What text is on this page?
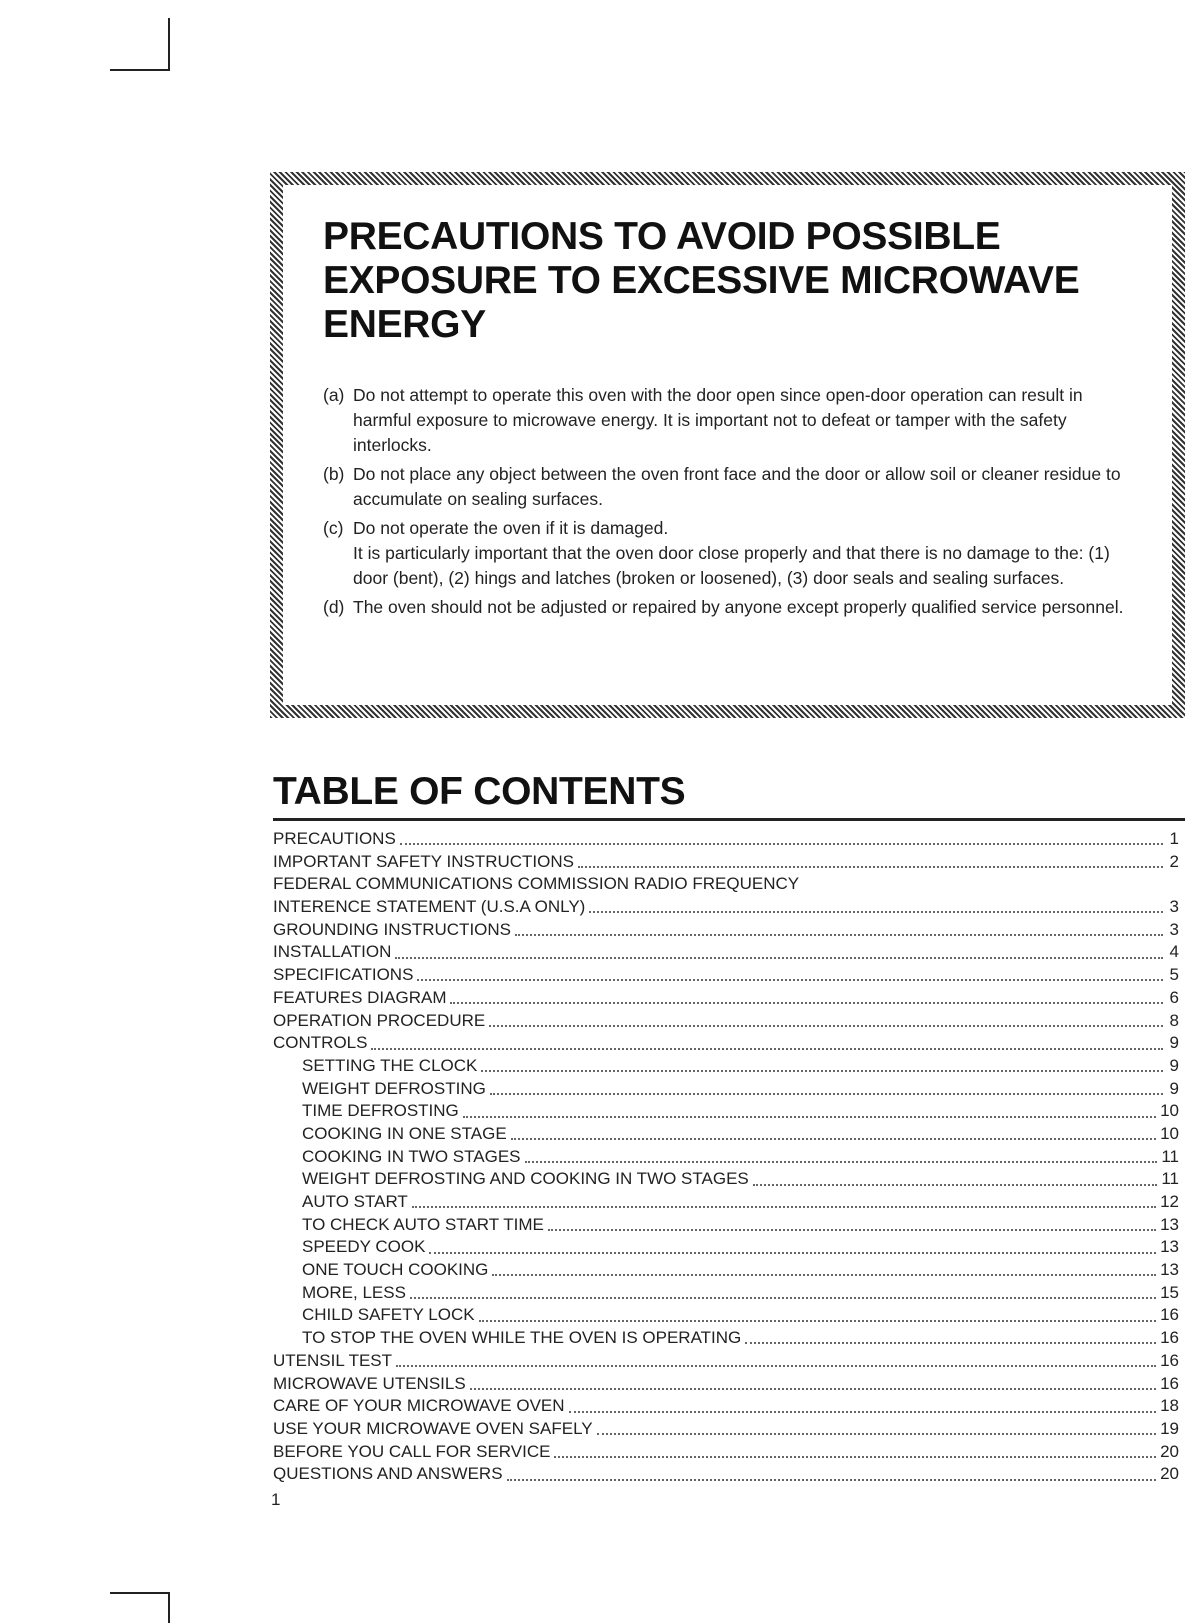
PRECAUTIONS TO AVOID POSSIBLE EXPOSURE TO EXCESSIVE MICROWAVE ENERGY

(a) Do not attempt to operate this oven with the door open since open-door operation can result in harmful exposure to microwave energy. It is important not to defeat or tamper with the safety interlocks.

(b) Do not place any object between the oven front face and the door or allow soil or cleaner residue to accumulate on sealing surfaces.

(c) Do not operate the oven if it is damaged.
It is particularly important that the oven door close properly and that there is no damage to the: (1) door (bent), (2) hings and latches (broken or loosened), (3) door seals and sealing surfaces.

(d) The oven should not be adjusted or repaired by anyone except properly qualified service personnel.

TABLE OF CONTENTS
PRECAUTIONS	1
IMPORTANT SAFETY INSTRUCTIONS	2
FEDERAL COMMUNICATIONS COMMISSION RADIO FREQUENCY
INTERENCE STATEMENT (U.S.A ONLY)	3
GROUNDING INSTRUCTIONS	3
INSTALLATION	4
SPECIFICATIONS	5
FEATURES DIAGRAM	6
OPERATION PROCEDURE	8
CONTROLS	9
SETTING THE CLOCK	9
WEIGHT DEFROSTING	9
TIME DEFROSTING	10
COOKING IN ONE STAGE	10
COOKING IN TWO STAGES	11
WEIGHT DEFROSTING AND COOKING IN TWO STAGES	11
AUTO START	12
TO CHECK AUTO START TIME	13
SPEEDY COOK	13
ONE TOUCH COOKING	13
MORE, LESS	15
CHILD SAFETY LOCK	16
TO STOP THE OVEN WHILE THE OVEN IS OPERATING	16
UTENSIL TEST	16
MICROWAVE UTENSILS	16
CARE OF YOUR MICROWAVE OVEN	18
USE YOUR MICROWAVE OVEN SAFELY	19
BEFORE YOU CALL FOR SERVICE	20
QUESTIONS AND ANSWERS	20
1
